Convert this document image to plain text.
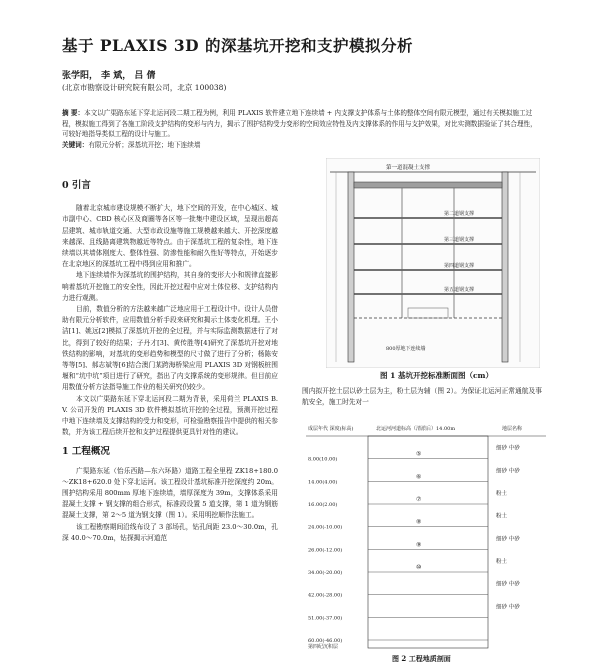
基于 PLAXIS 3D 的深基坑开挖和支护模拟分析
张学阳， 李 斌， 吕 倩
(北京市勘察设计研究院有限公司，北京 100038)
摘 要：本文以广渠路东延下穿北运河段二期工程为例，利用 PLAXIS 软件建立地下连续墙 + 内支撑支护体系与土体的整体空间有限元模型，通过有关模拟施工过程，模拟施工得到了各施工阶段支护结构的变形与内力，揭示了围护结构受力变形的空间效应特性及内支撑体系的作用与支护效果，对比实测数据验证了其合理性，可较好地指导类似工程的设计与施工。
关键词：有限元分析；深基坑开挖；地下连续墙
0 引言

随着北京城市建设规模不断扩大，地下空间的开发，在中心城区、城市副中心、CBD 核心区及商圈等各区等一批集中建设区域，呈现出超高层建筑、城市轨道交通、大型市政设施等施工规模越来越大、开挖深度越来越深、且线路离建筑物越近等特点。由于深基坑工程的复杂性，地下连续墙以其墙体刚度大、整体性强、防渗性能和耐久性好等特点，开始逐步在北京地区的深基坑工程中得到应用和推广。

地下连续墙作为深基坑的围护结构，其自身的变形大小和规律直接影响着基坑开挖施工的安全性，因此开挖过程中应对土体位移、支护结构内力进行观测。

目前，数值分析的方法越来越广泛地应用于工程设计中。设计人员借助有限元分析软件，应用数值分析手段来研究和揭示土体变化机理。王小洁[1]、姚远[2]模拟了深基坑开挖的全过程，并与实际监测数据进行了对比，得到了较好的结果；子丹才[3]、黄传胜等[4]研究了深基坑开挖对地铁结构的影响，对基坑的变形趋势和模型的尺寸做了进行了分析；杨陈安等等[5]、郝志斌等[6]结合澳门某跨海桥梁应用 PLAXIS 3D 对钢板桩围堰和“坑中坑”项目进行了研究，指出了内支撑系统的变形规律。但目前应用数值分析方法指导施工作业的相关研究仍较少。

本文以广渠路东延下穿北运河段二期为背景，采用荷兰 PLAXIS B.V. 公司开发的 PLAXIS 3D 软件模拟基坑开挖的全过程，预测开挖过程中地下连续墙及支撑结构的受力和变形，可检验勘察报告中提供的相关参数，并为该工程后续开挖和支护过程提供更具针对性的建议。

1 工程概况

广渠路东延（怡乐西路—东六环路）道路工程全里程 ZK18+180.0～ZK18+620.0 处下穿北运河。该工程设计基坑标准开挖深度约 20m。围护结构采用 800mm 厚地下连续墙，墙厚深度为 39m，支撑体系采用混凝土支撑 + 钢支撑的组合形式，标准段设置 5 道支撑，第 1 道为钢筋混凝土支撑，第 2～5 道为钢支撑（图 1）。采用明挖顺作法施工。

该工程勘察期间沿线布设了 3 部场孔，钻孔间距 23.0～30.0m，孔深 40.0～70.0m，钻探揭示河道范

第一道混凝土支撑
第二道钢支撑
第三道钢支撑
第四道钢支撑
第五道钢支撑
800厚地下连续墙
图 1 基坑开挖标准断面图（cm）

围内拟开挖土层以砂土层为主，粉土层为辅（图 2）。为保证北运河正常通航及事航安全，施工时先对一

成层年代 深度(标高)	北运河河道标高（清淤后）14.00m	地层名称
8.00(10.00)
14.00(4.00)
16.00(2.00)
24.00(-10.00)
26.00(-12.00)
34.00(-20.00)
42.00(-28.00)
51.00(-37.00)
60.00(-46.00)
⑤
⑥
⑦
⑧
⑨
⑩
细砂 中砂
细砂 中砂
粉土
粉土
细砂 中砂
粉土
细砂 中砂
细砂 中砂
第四纪沉积层
图 2 工程地质剖面
